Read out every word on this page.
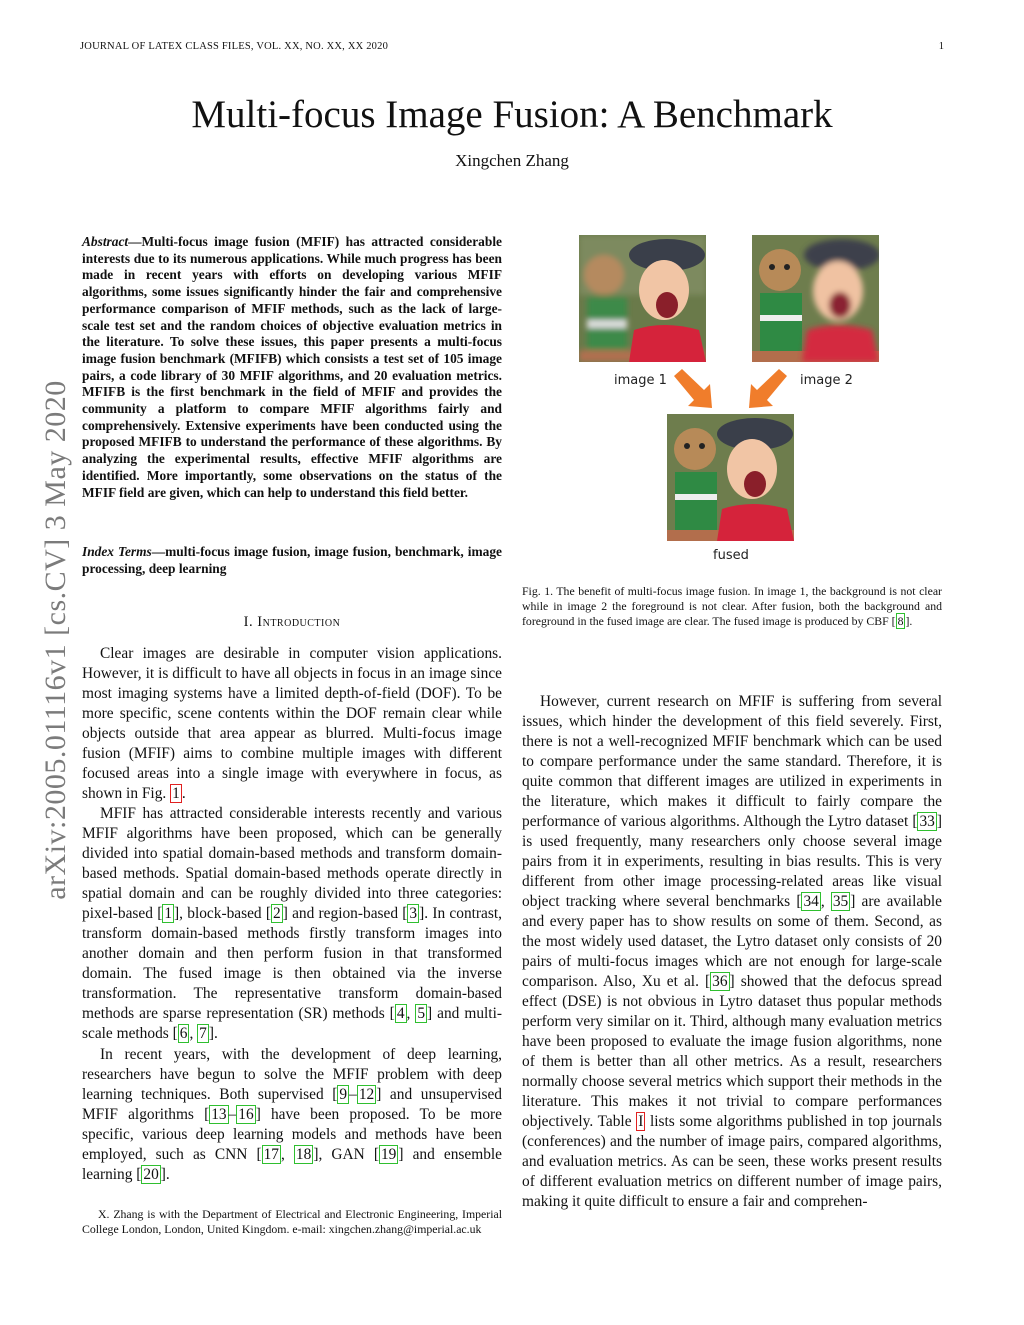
JOURNAL OF LATEX CLASS FILES, VOL. XX, NO. XX, XX 2020	1
Multi-focus Image Fusion: A Benchmark
Xingchen Zhang
arXiv:2005.01116v1 [cs.CV] 3 May 2020
Abstract—Multi-focus image fusion (MFIF) has attracted considerable interests due to its numerous applications. While much progress has been made in recent years with efforts on developing various MFIF algorithms, some issues significantly hinder the fair and comprehensive performance comparison of MFIF methods, such as the lack of large-scale test set and the random choices of objective evaluation metrics in the literature. To solve these issues, this paper presents a multi-focus image fusion benchmark (MFIFB) which consists a test set of 105 image pairs, a code library of 30 MFIF algorithms, and 20 evaluation metrics. MFIFB is the first benchmark in the field of MFIF and provides the community a platform to compare MFIF algorithms fairly and comprehensively. Extensive experiments have been conducted using the proposed MFIFB to understand the performance of these algorithms. By analyzing the experimental results, effective MFIF algorithms are identified. More importantly, some observations on the status of the MFIF field are given, which can help to understand this field better.
Index Terms—multi-focus image fusion, image fusion, benchmark, image processing, deep learning
I. Introduction
Clear images are desirable in computer vision applications. However, it is difficult to have all objects in focus in an image since most imaging systems have a limited depth-of-field (DOF). To be more specific, scene contents within the DOF remain clear while objects outside that area appear as blurred. Multi-focus image fusion (MFIF) aims to combine multiple images with different focused areas into a single image with everywhere in focus, as shown in Fig. 1 .
MFIF has attracted considerable interests recently and various MFIF algorithms have been proposed, which can be generally divided into spatial domain-based methods and transform domain-based methods. Spatial domain-based methods operate directly in spatial domain and can be roughly divided into three categories: pixel-based [ 1 ], block-based [ 2 ] and region-based [ 3 ]. In contrast, transform domain-based methods firstly transform images into another domain and then perform fusion in that transformed domain. The fused image is then obtained via the inverse transformation. The representative transform domain-based methods are sparse representation (SR) methods [ 4 , 5 ] and multi-scale methods [ 6 , 7 ].
In recent years, with the development of deep learning, researchers have begun to solve the MFIF problem with deep learning techniques. Both supervised [ 9 – 12 ] and unsupervised MFIF algorithms [ 13 – 16 ] have been proposed. To be more specific, various deep learning models and methods have been employed, such as CNN [ 17 , 18 ], GAN [ 19 ] and ensemble learning [ 20 ].
X. Zhang is with the Department of Electrical and Electronic Engineering, Imperial College London, London, United Kingdom. e-mail: xingchen.zhang@imperial.ac.uk
image 1	image 2
fused
Fig. 1. The benefit of multi-focus image fusion. In image 1, the background is not clear while in image 2 the foreground is not clear. After fusion, both the background and foreground in the fused image are clear. The fused image is produced by CBF [ 8 ].
However, current research on MFIF is suffering from several issues, which hinder the development of this field severely. First, there is not a well-recognized MFIF benchmark which can be used to compare performance under the same standard. Therefore, it is quite common that different images are utilized in experiments in the literature, which makes it difficult to fairly compare the performance of various algorithms. Although the Lytro dataset [ 33 ] is used frequently, many researchers only choose several image pairs from it in experiments, resulting in bias results. This is very different from other image processing-related areas like visual object tracking where several benchmarks [ 34 , 35 ] are available and every paper has to show results on some of them. Second, as the most widely used dataset, the Lytro dataset only consists of 20 pairs of multi-focus images which are not enough for large-scale comparison. Also, Xu et al. [ 36 ] showed that the defocus spread effect (DSE) is not obvious in Lytro dataset thus popular methods perform very similar on it. Third, although many evaluation metrics have been proposed to evaluate the image fusion algorithms, none of them is better than all other metrics. As a result, researchers normally choose several metrics which support their methods in the literature. This makes it not trivial to compare performances objectively. Table I lists some algorithms published in top journals (conferences) and the number of image pairs, compared algorithms, and evaluation metrics. As can be seen, these works present results of different evaluation metrics on different number of image pairs, making it quite difficult to ensure a fair and comprehen-
